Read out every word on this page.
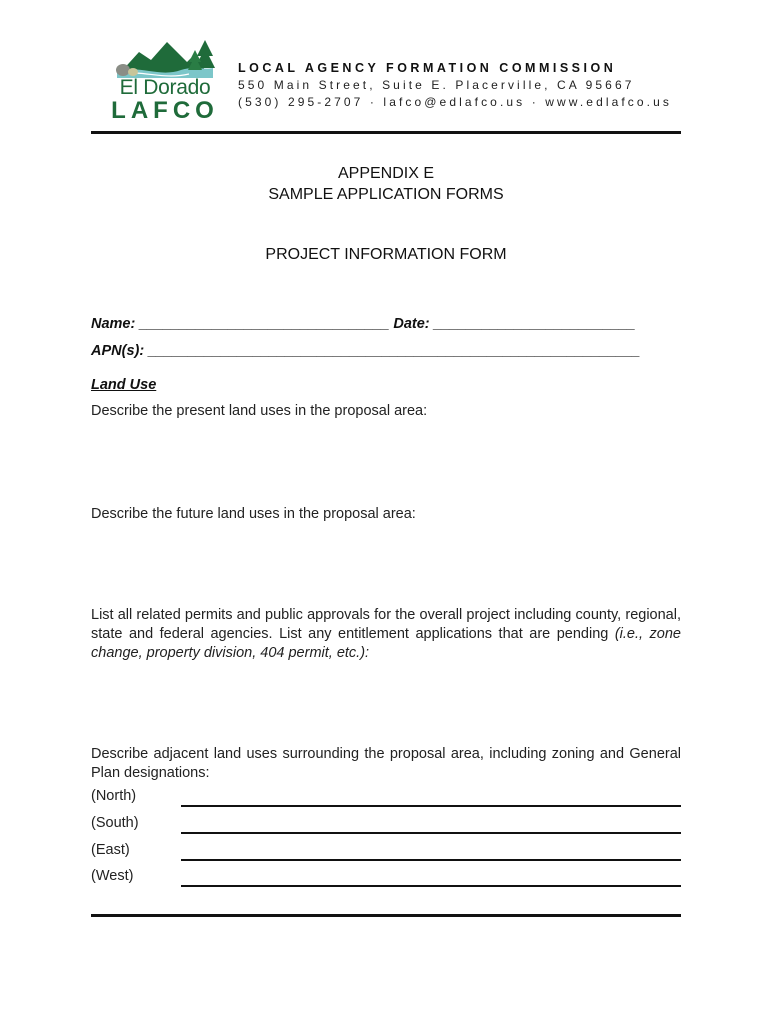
El Dorado
LAFCO
LOCAL AGENCY FORMATION COMMISSION
550 Main Street, Suite E. Placerville, CA 95667
(530) 295-2707 · lafco@edlafco.us · www.edlafco.us
APPENDIX E
SAMPLE APPLICATION FORMS
PROJECT INFORMATION FORM
Name: _______________________________ Date: _________________________
APN(s): _____________________________________________________________
Land Use
Describe the present land uses in the proposal area:
Describe the future land uses in the proposal area:
List all related permits and public approvals for the overall project including county, regional, state and federal agencies. List any entitlement applications that are pending (i.e., zone change, property division, 404 permit, etc.):
Describe adjacent land uses surrounding the proposal area, including zoning and General Plan designations:
(North)
(South)
(East)
(West)
